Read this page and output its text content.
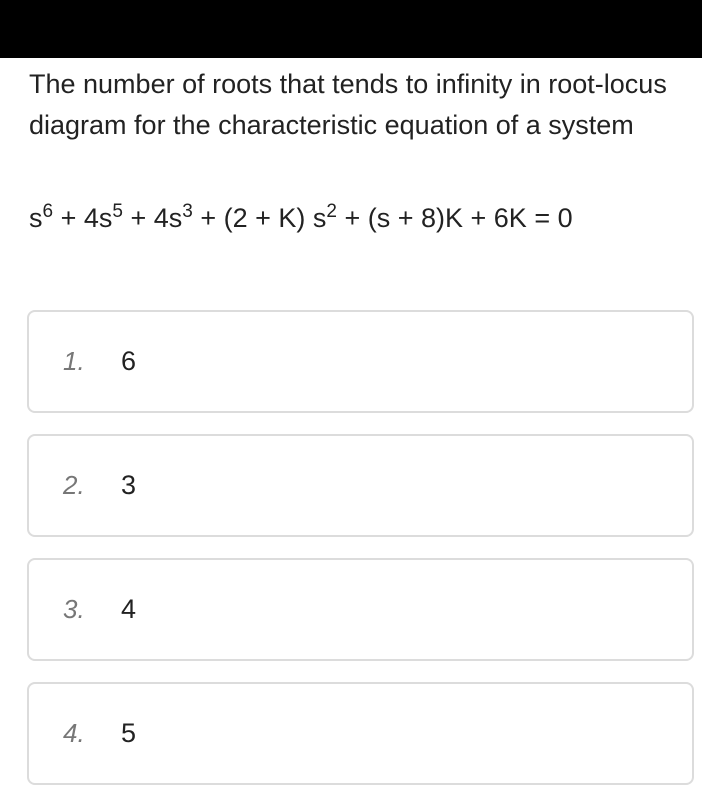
The number of roots that tends to infinity in root-locus diagram for the characteristic equation of a system
$s^6 + 4s^5 + 4s^3 + (2 + K) s^2 + (s + 8)K + 6K = 0$
1. 6
2. 3
3. 4
4. 5
